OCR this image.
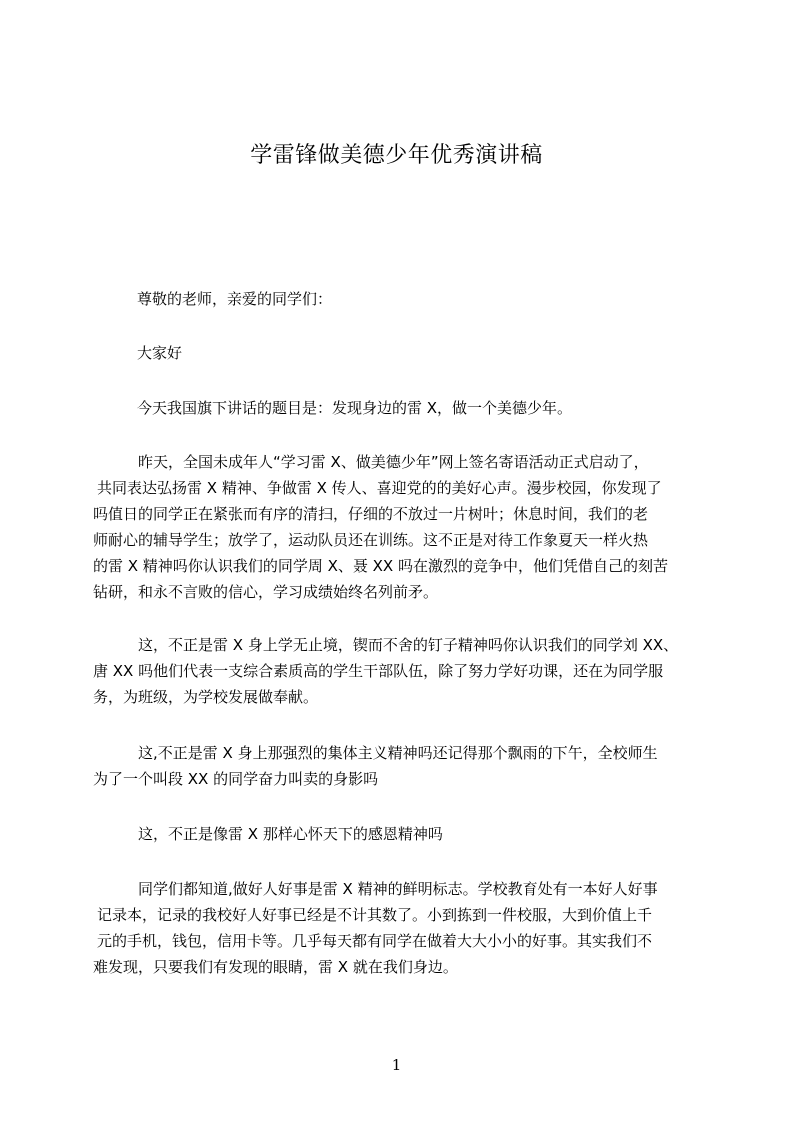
学雷锋做美德少年优秀演讲稿
尊敬的老师，亲爱的同学们：
大家好
今天我国旗下讲话的题目是：发现身边的雷 X，做一个美德少年。
昨天，全国未成年人“学习雷 X、做美德少年”网上签名寄语活动正式启动了，
共同表达弘扬雷 X 精神、争做雷 X 传人、喜迎党的的美好心声。漫步校园，你发现了
吗值日的同学正在紧张而有序的清扫，仔细的不放过一片树叶；休息时间，我们的老
师耐心的辅导学生；放学了，运动队员还在训练。这不正是对待工作象夏天一样火热
的雷 X 精神吗你认识我们的同学周 X、聂 XX 吗在激烈的竞争中，他们凭借自己的刻苦
钻研，和永不言败的信心，学习成绩始终名列前矛。
这，不正是雷 X 身上学无止境，锲而不舍的钉子精神吗你认识我们的同学刘 XX、
唐 XX 吗他们代表一支综合素质高的学生干部队伍，除了努力学好功课，还在为同学服
务，为班级，为学校发展做奉献。
这,不正是雷 X 身上那强烈的集体主义精神吗还记得那个飘雨的下午，全校师生
为了一个叫段 XX 的同学奋力叫卖的身影吗
这，不正是像雷 X 那样心怀天下的感恩精神吗
同学们都知道,做好人好事是雷 X 精神的鲜明标志。学校教育处有一本好人好事
记录本，记录的我校好人好事已经是不计其数了。小到拣到一件校服，大到价值上千
元的手机，钱包，信用卡等。几乎每天都有同学在做着大大小小的好事。其实我们不
难发现，只要我们有发现的眼睛，雷 X 就在我们身边。
1
